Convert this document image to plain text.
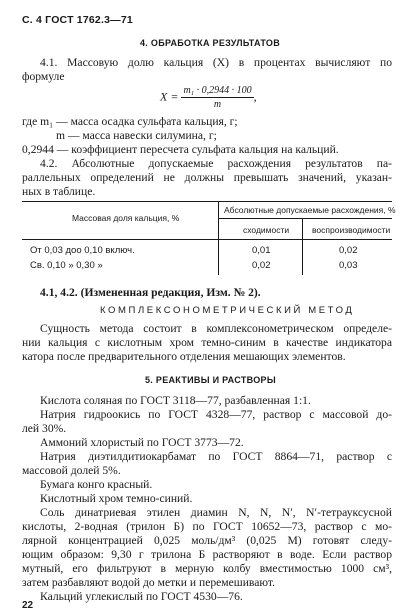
С. 4 ГОСТ 1762.3—71
4. ОБРАБОТКА РЕЗУЛЬТАТОВ
4.1. Массовую долю кальция (X) в процентах вычисляют по
формуле
$X = \frac{\text{m₁ · 0,2944 · 100}}{m}$ ,
где m₁ — масса осадка сульфата кальция, г;
m — масса навески силумина, г;
0,2944 — коэффициент пересчета сульфата кальция на кальций.
4.2. Абсолютные допускаемые расхождения результатов па-
раллельных определений не должны превышать значений, указан-
ных в таблице.
Массовая доля кальция, %
Абсолютные допускаемые расхождения, %
сходимости	воспроизводимости
От 0,03 доо 0,10 включ.	0,01	0,02
Св. 0,10 » 0,30 »	0,02	0,03
4.1, 4.2. (Измененная редакция, Изм. № 2).
КОМПЛЕКСОНОМЕТРИЧЕСКИЙ МЕТОД
Сущность метода состоит в комплексонометрическом определе-
нии кальция с кислотным хром темно-синим в качестве индикатора
катора после предварительного отделения мешающих элементов.
5. РЕАКТИВЫ И РАСТВОРЫ
Кислота соляная по ГОСТ 3118—77, разбавленная 1:1.
Натрия гидроокись по ГОСТ 4328—77, раствор с массовой до-
лей 30%.
Аммоний хлористый по ГОСТ 3773—72.
Натрия диэтилдитиокарбамат по ГОСТ 8864—71, раствор с
массовой долей 5%.
Бумага конго красный.
Кислотный хром темно-синий.
Соль динатриевая этилен диамин N, N, N′, N′-тетрауксусной
кислоты, 2-водная (трилон Б) по ГОСТ 10652—73, раствор с мо-
лярной концентрацией 0,025 моль/дм³ (0,025 М) готовят следу-
ющим образом: 9,30 г трилона Б растворяют в воде. Если раствор
мутный, его фильтруют в мерную колбу вместимостью 1000 см³,
затем разбавляют водой до метки и перемешивают.
Кальций углекислый по ГОСТ 4530—76.
22
